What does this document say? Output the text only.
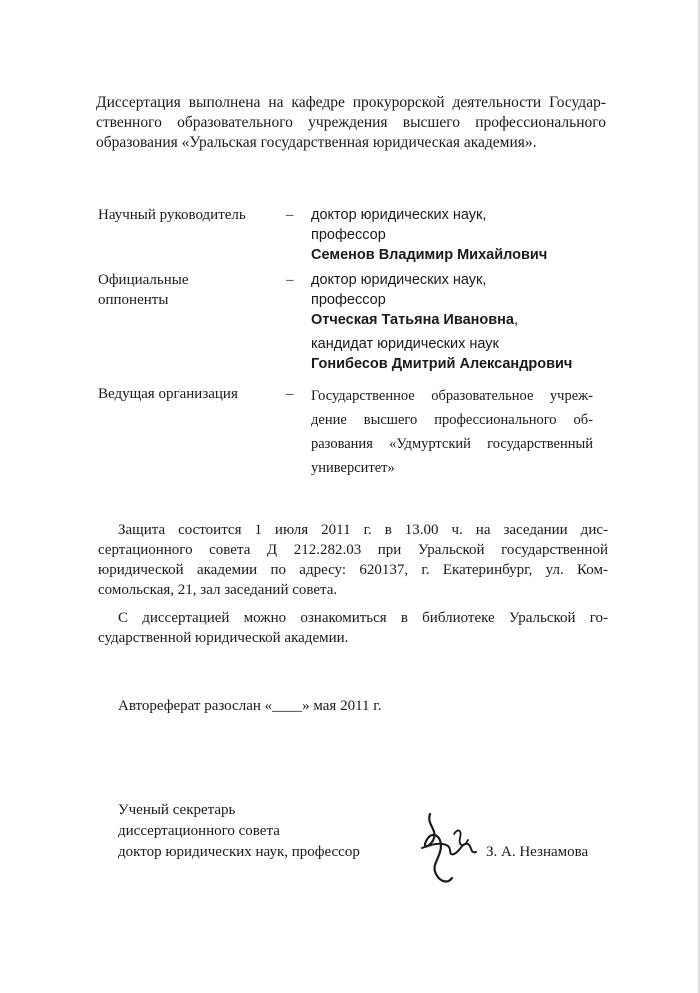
Диссертация выполнена на кафедре прокурорской деятельности Государ-
ственного образовательного учреждения высшего профессионального
образования «Уральская государственная юридическая академия».

Научный руководитель	– доктор юридических наук,
профессор
Семенов Владимир Михайлович
Официальные
оппоненты
– доктор юридических наук,
профессор
Отческая Татьяна Ивановна,
кандидат юридических наук
Гонибесов Дмитрий Александрович
Ведущая организация	– Государственное образовательное учреж-
дение высшего профессионального об-
разования «Удмуртский государственный
университет»

Защита состоится 1 июля 2011 г. в 13.00 ч. на заседании дис-
сертационного совета Д 212.282.03 при Уральской государственной
юридической академии по адресу: 620137, г. Екатеринбург, ул. Ком-
сомольская, 21, зал заседаний совета.

С диссертацией можно ознакомиться в библиотеке Уральской го-
сударственной юридической академии.

Автореферат разослан «____» мая 2011 г.
Ученый секретарь
диссертационного совета
доктор юридических наук, профессор	З. А. Незнамова
